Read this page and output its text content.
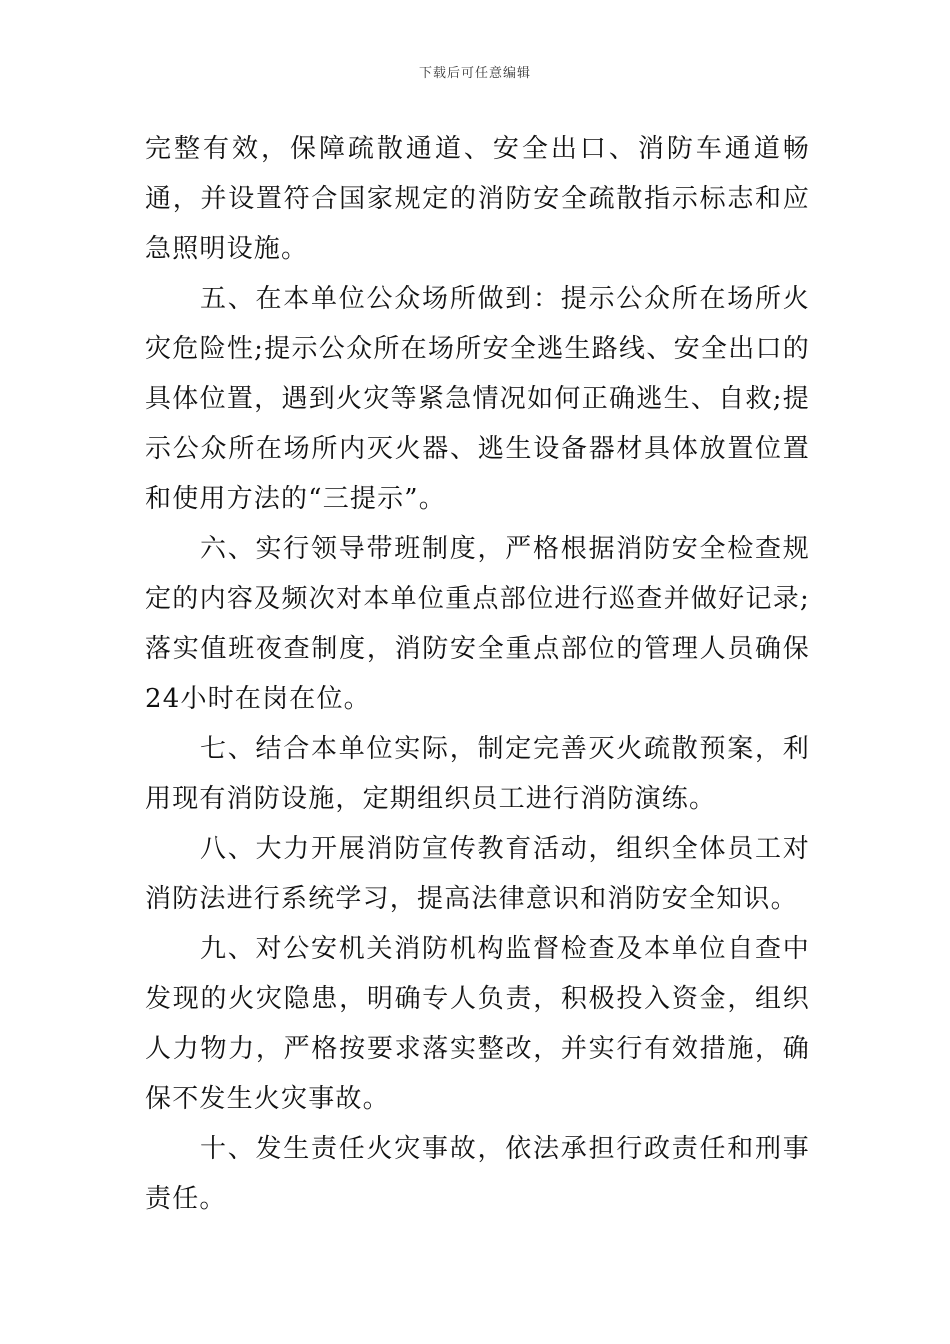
下载后可任意编辑

完整有效，保障疏散通道、安全出口、消防车通道畅通，并设置符合国家规定的消防安全疏散指示标志和应急照明设施。

五、在本单位公众场所做到：提示公众所在场所火灾危险性;提示公众所在场所安全逃生路线、安全出口的具体位置，遇到火灾等紧急情况如何正确逃生、自救;提示公众所在场所内灭火器、逃生设备器材具体放置位置和使用方法的“三提示”。

六、实行领导带班制度，严格根据消防安全检查规定的内容及频次对本单位重点部位进行巡查并做好记录;落实值班夜查制度，消防安全重点部位的管理人员确保24小时在岗在位。

七、结合本单位实际，制定完善灭火疏散预案，利用现有消防设施，定期组织员工进行消防演练。

八、大力开展消防宣传教育活动，组织全体员工对消防法进行系统学习，提高法律意识和消防安全知识。

九、对公安机关消防机构监督检查及本单位自查中发现的火灾隐患，明确专人负责，积极投入资金，组织人力物力，严格按要求落实整改，并实行有效措施，确保不发生火灾事故。

十、发生责任火灾事故，依法承担行政责任和刑事责任。
